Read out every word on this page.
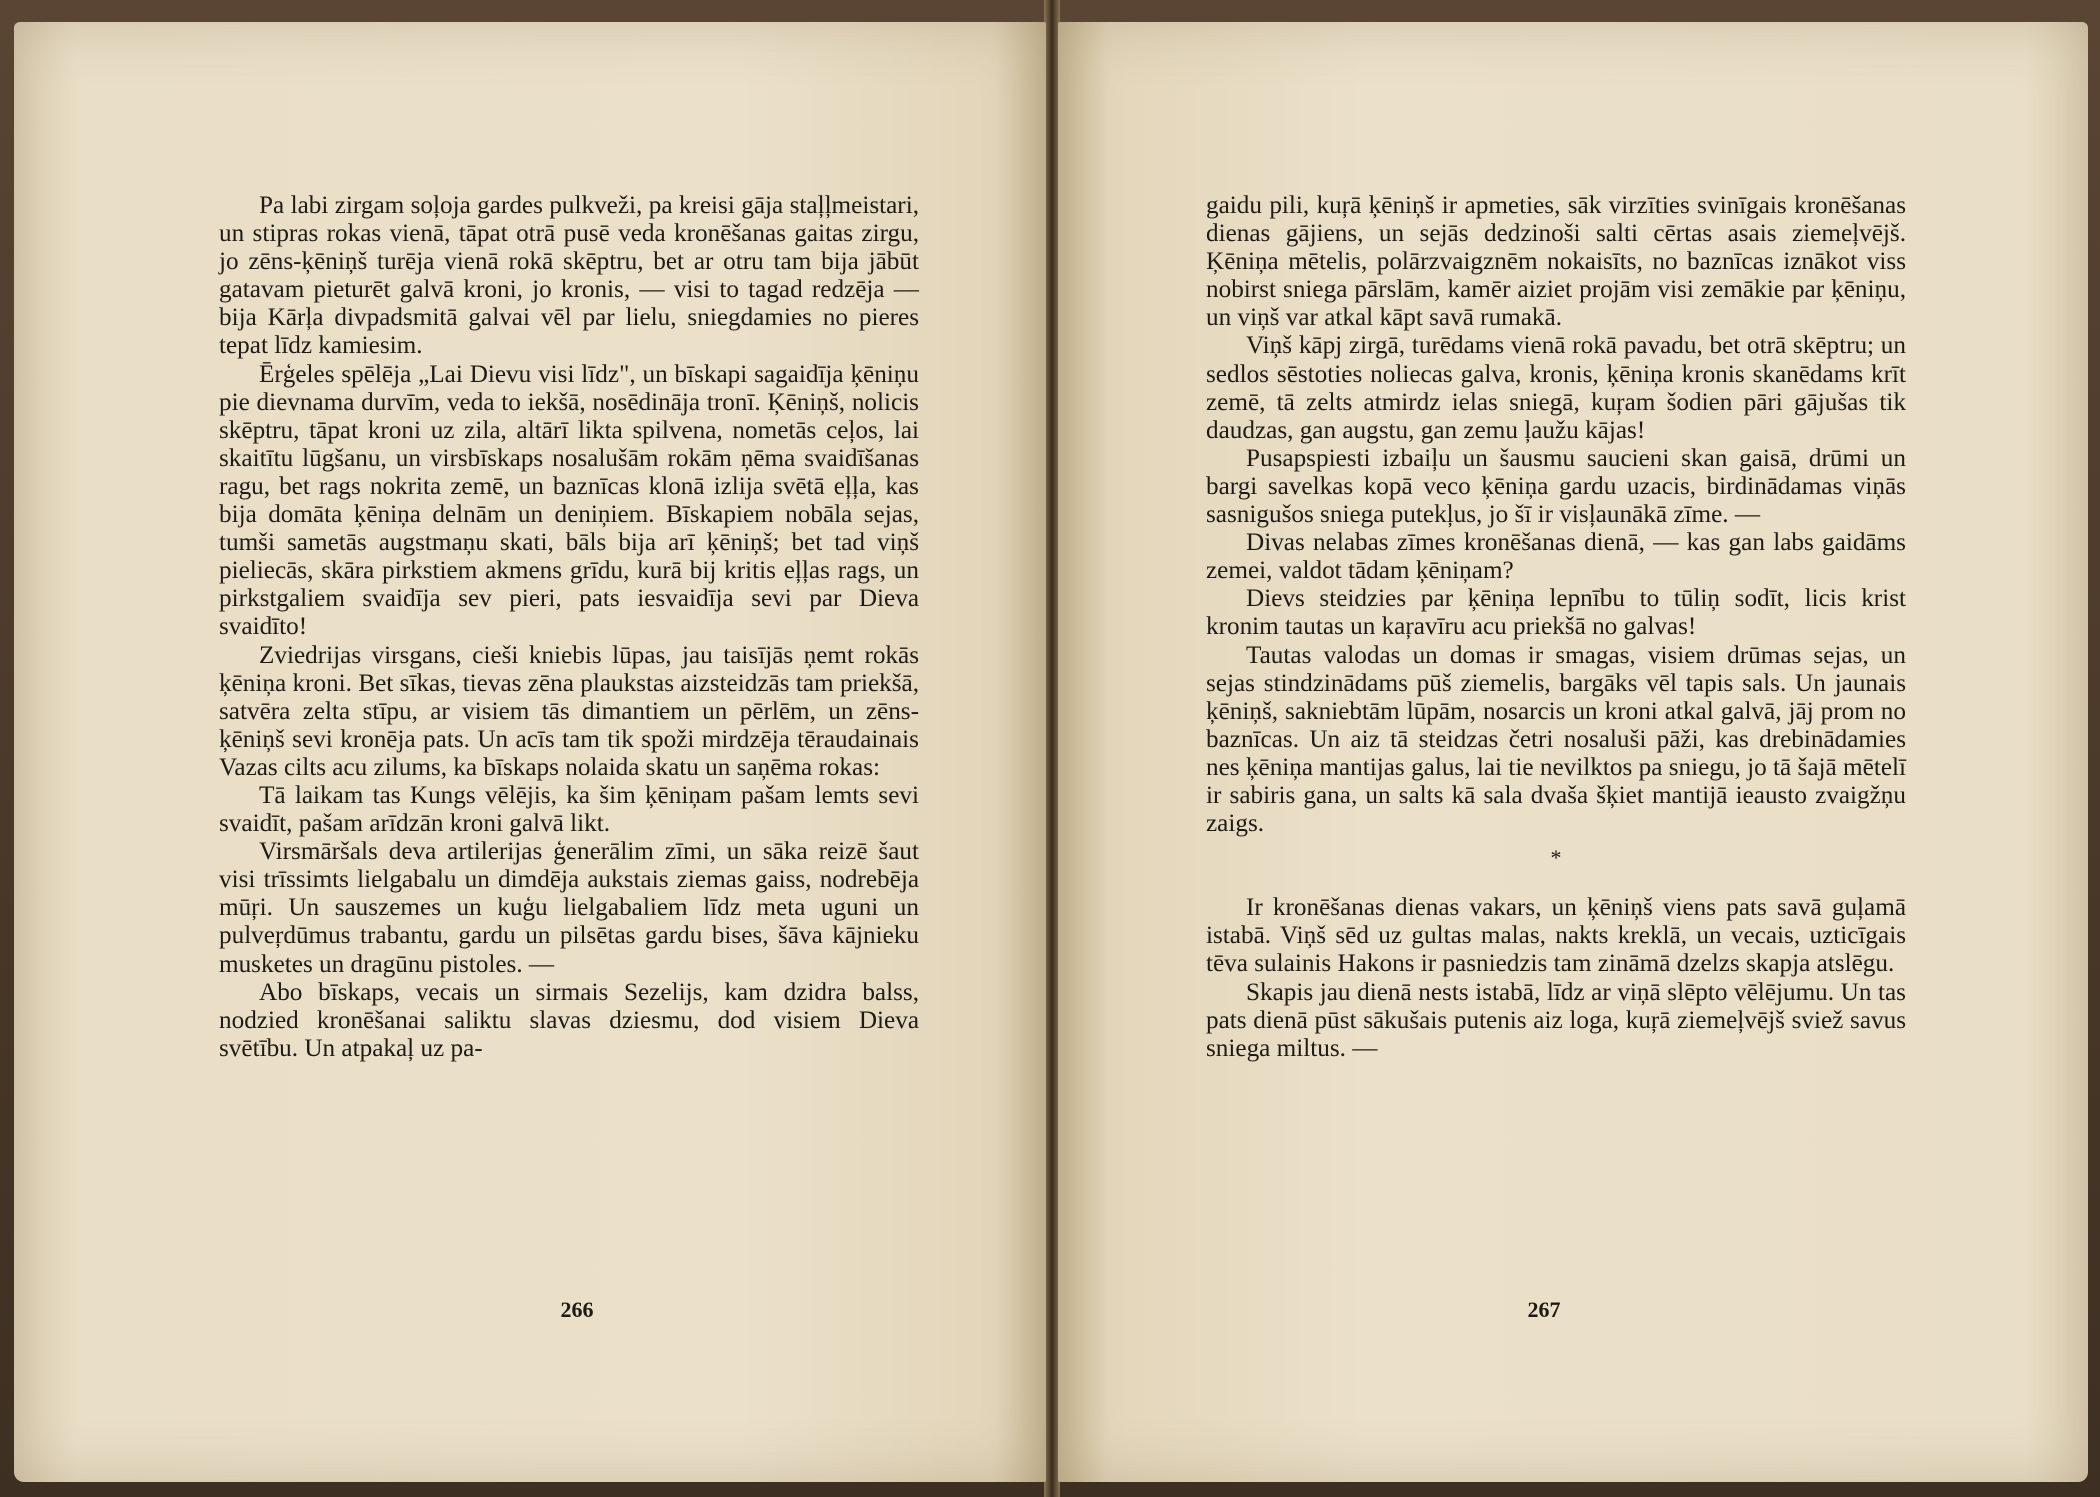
Pa labi zirgam soļoja gardes pulkveži, pa kreisi gāja staļļmeistari, un stipras rokas vienā, tāpat otrā pusē veda kronēšanas gaitas zirgu, jo zēns-ķēniņš turēja vienā rokā skēptru, bet ar otru tam bija jābūt gatavam pieturēt galvā kroni, jo kronis, — visi to tagad redzēja — bija Kārļa divpadsmitā galvai vēl par lielu, sniegdamies no pieres tepat līdz kamiesim.

Ērģeles spēlēja „Lai Dievu visi līdz", un bīskapi sagaidīja ķēniņu pie dievnama durvīm, veda to iekšā, nosēdināja tronī. Ķēniņš, nolicis skēptru, tāpat kroni uz zila, altārī likta spilvena, nometās ceļos, lai skaitītu lūgšanu, un virsbīskaps nosalušām rokām ņēma svaidīšanas ragu, bet rags nokrita zemē, un baznīcas klonā izlija svētā eļļa, kas bija domāta ķēniņa delnām un deniņiem. Bīskapiem nobāla sejas, tumši sametās augstmaņu skati, bāls bija arī ķēniņš; bet tad viņš pieliecās, skāra pirkstiem akmens grīdu, kurā bij kritis eļļas rags, un pirkstgaliem svaidīja sev pieri, pats iesvaidīja sevi par Dieva svaidīto!

Zviedrijas virsgans, cieši kniebis lūpas, jau taisījās ņemt rokās ķēniņa kroni. Bet sīkas, tievas zēna plaukstas aizsteidzās tam priekšā, satvēra zelta stīpu, ar visiem tās dimantiem un pērlēm, un zēns-ķēniņš sevi kronēja pats. Un acīs tam tik spoži mirdzēja tēraudainais Vazas cilts acu zilums, ka bīskaps nolaida skatu un saņēma rokas:

Tā laikam tas Kungs vēlējis, ka šim ķēniņam pašam lemts sevi svaidīt, pašam arīdzān kroni galvā likt.

Virsmāršals deva artilerijas ģenerālim zīmi, un sāka reizē šaut visi trīssimts lielgabalu un dimdēja aukstais ziemas gaiss, nodrebēja mūŗi. Un sauszemes un kuģu lielgabaliem līdz meta uguni un pulveŗdūmus trabantu, gardu un pilsētas gardu bises, šāva kājnieku musketes un dragūnu pistoles. —

Abo bīskaps, vecais un sirmais Sezelijs, kam dzidra balss, nodzied kronēšanai saliktu slavas dziesmu, dod visiem Dieva svētību. Un atpakaļ uz pa-

266

gaidu pili, kuŗā ķēniņš ir apmeties, sāk virzīties svinīgais kronēšanas dienas gājiens, un sejās dedzinoši salti cērtas asais ziemeļvējš. Ķēniņa mētelis, polārzvaigznēm nokaisīts, no baznīcas iznākot viss nobirst sniega pārslām, kamēr aiziet projām visi zemākie par ķēniņu, un viņš var atkal kāpt savā rumakā.

Viņš kāpj zirgā, turēdams vienā rokā pavadu, bet otrā skēptru; un sedlos sēstoties noliecas galva, kronis, ķēniņa kronis skanēdams krīt zemē, tā zelts atmirdz ielas sniegā, kuŗam šodien pāri gājušas tik daudzas, gan augstu, gan zemu ļaužu kājas!

Pusapspiesti izbaiļu un šausmu saucieni skan gaisā, drūmi un bargi savelkas kopā veco ķēniņa gardu uzacis, birdinādamas viņās sasnigušos sniega putekļus, jo šī ir visļaunākā zīme. —

Divas nelabas zīmes kronēšanas dienā, — kas gan labs gaidāms zemei, valdot tādam ķēniņam?

Dievs steidzies par ķēniņa lepnību to tūliņ sodīt, licis krist kronim tautas un kaŗavīru acu priekšā no galvas!

Tautas valodas un domas ir smagas, visiem drūmas sejas, un sejas stindzinādams pūš ziemelis, bargāks vēl tapis sals. Un jaunais ķēniņš, sakniebtām lūpām, nosarcis un kroni atkal galvā, jāj prom no baznīcas. Un aiz tā steidzas četri nosaluši pāži, kas drebinādamies nes ķēniņa mantijas galus, lai tie nevilktos pa sniegu, jo tā šajā mētelī ir sabiris gana, un salts kā sala dvaša šķiet mantijā ieausto zvaigžņu zaigs.

*

Ir kronēšanas dienas vakars, un ķēniņš viens pats savā guļamā istabā. Viņš sēd uz gultas malas, nakts kreklā, un vecais, uzticīgais tēva sulainis Hakons ir pasniedzis tam zināmā dzelzs skapja atslēgu.

Skapis jau dienā nests istabā, līdz ar viņā slēpto vēlējumu. Un tas pats dienā pūst sākušais putenis aiz loga, kuŗā ziemeļvējš sviež savus sniega miltus. —

267
